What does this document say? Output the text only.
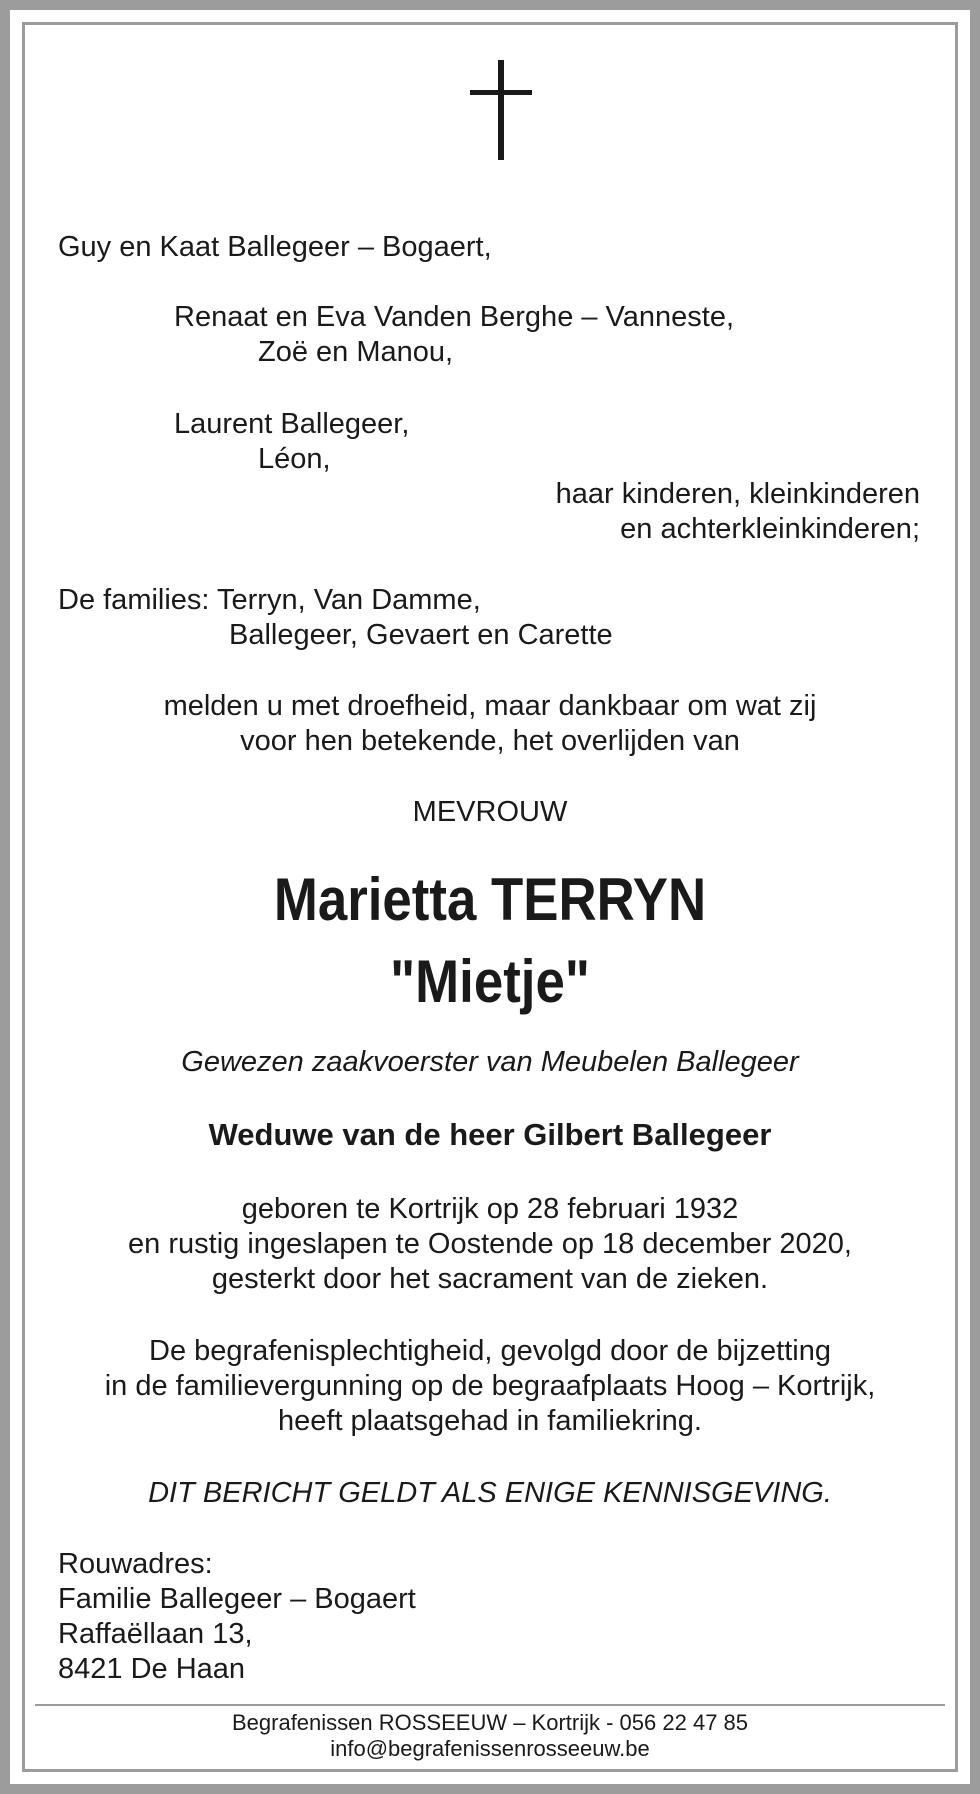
Guy en Kaat Ballegeer – Bogaert,
Renaat en Eva Vanden Berghe – Vanneste,
Zoë en Manou,
Laurent Ballegeer,
Léon,
haar kinderen, kleinkinderen
en achterkleinkinderen;
De families: Terryn, Van Damme,
Ballegeer, Gevaert en Carette
melden u met droefheid, maar dankbaar om wat zij
voor hen betekende, het overlijden van
MEVROUW
Marietta TERRYN
"Mietje"
Gewezen zaakvoerster van Meubelen Ballegeer
Weduwe van de heer Gilbert Ballegeer
geboren te Kortrijk op 28 februari 1932
en rustig ingeslapen te Oostende op 18 december 2020,
gesterkt door het sacrament van de zieken.
De begrafenisplechtigheid, gevolgd door de bijzetting
in de familievergunning op de begraafplaats Hoog – Kortrijk,
heeft plaatsgehad in familiekring.
DIT BERICHT GELDT ALS ENIGE KENNISGEVING.
Rouwadres:
Familie Ballegeer – Bogaert
Raffaëllaan 13,
8421 De Haan
Begrafenissen ROSSEEUW – Kortrijk - 056 22 47 85
info@begrafenissenrosseeuw.be
